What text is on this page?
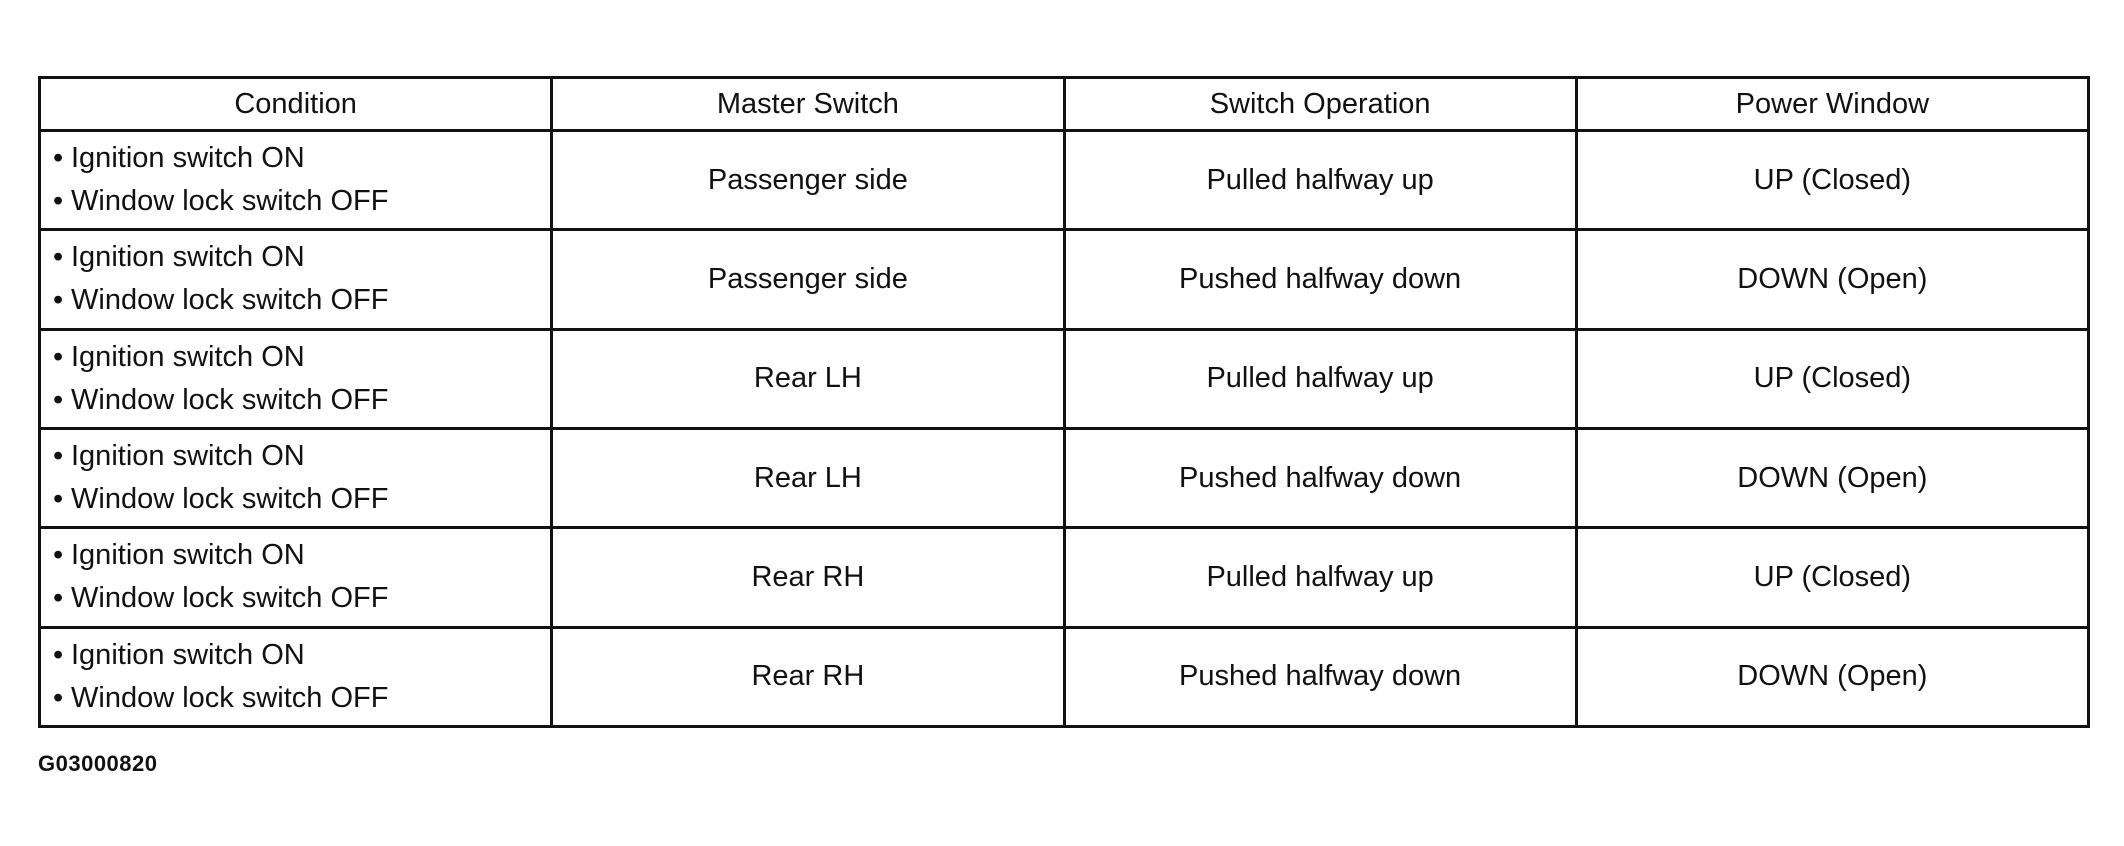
Condition	Master Switch	Switch Operation	Power Window

• Ignition switch ON
• Window lock switch OFF	Passenger side	Pulled halfway up	UP (Closed)

• Ignition switch ON
• Window lock switch OFF	Passenger side	Pushed halfway down	DOWN (Open)

• Ignition switch ON
• Window lock switch OFF	Rear LH	Pulled halfway up	UP (Closed)

• Ignition switch ON
• Window lock switch OFF	Rear LH	Pushed halfway down	DOWN (Open)

• Ignition switch ON
• Window lock switch OFF	Rear RH	Pulled halfway up	UP (Closed)

• Ignition switch ON
• Window lock switch OFF	Rear RH	Pushed halfway down	DOWN (Open)
G03000820
